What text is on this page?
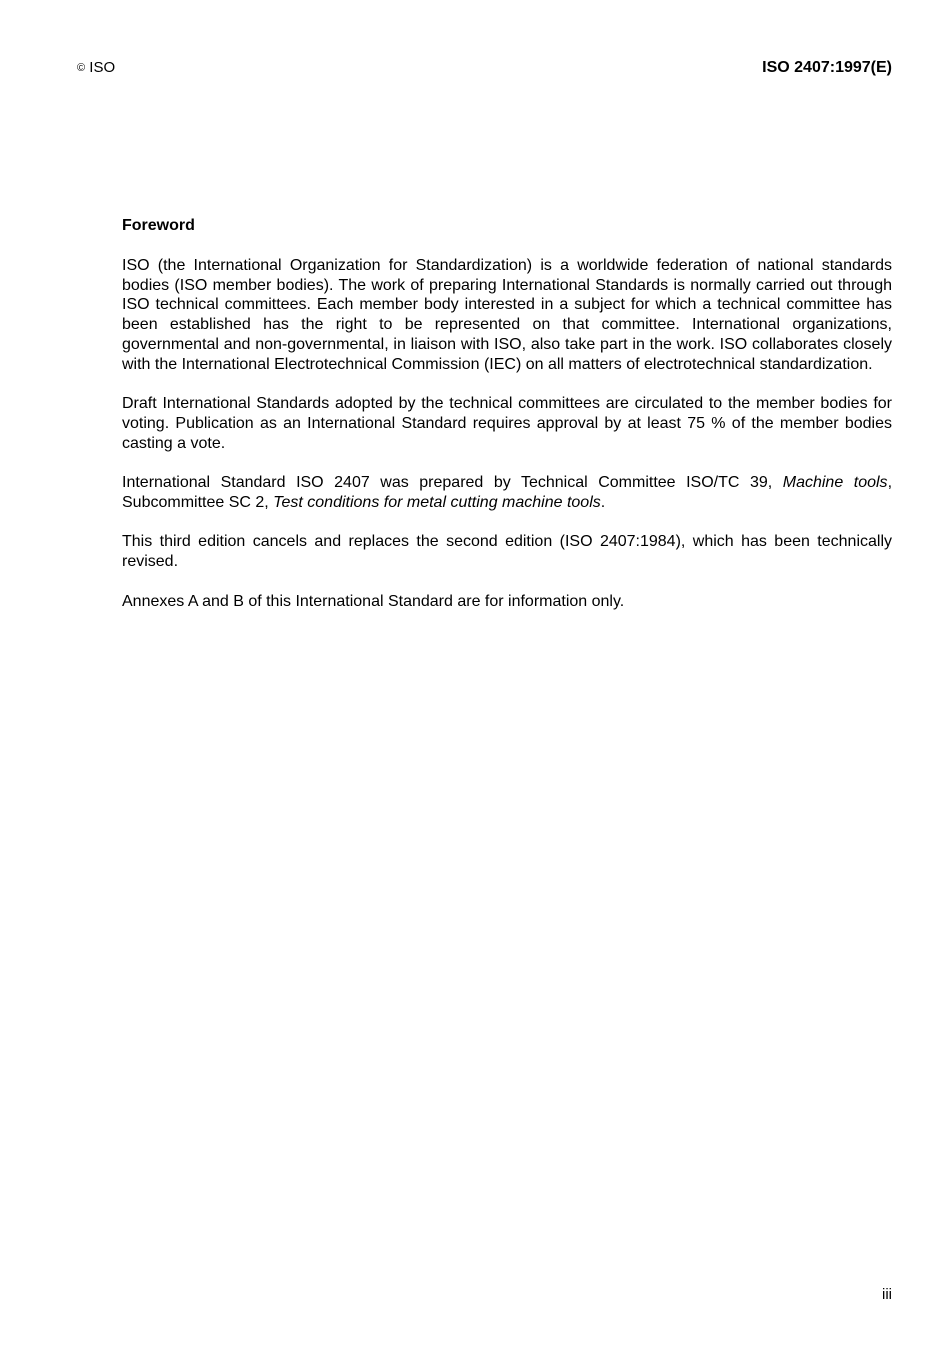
© ISO	ISO 2407:1997(E)
Foreword

ISO (the International Organization for Standardization) is a worldwide federation of national standards bodies (ISO member bodies). The work of preparing International Standards is normally carried out through ISO technical committees. Each member body interested in a subject for which a technical committee has been established has the right to be represented on that committee. International organizations, governmental and non-governmental, in liaison with ISO, also take part in the work. ISO collaborates closely with the International Electrotechnical Commission (IEC) on all matters of electrotechnical standardization.

Draft International Standards adopted by the technical committees are circulated to the member bodies for voting. Publication as an International Standard requires approval by at least 75 % of the member bodies casting a vote.

International Standard ISO 2407 was prepared by Technical Committee ISO/TC 39, Machine tools, Subcommittee SC 2, Test conditions for metal cutting machine tools.

This third edition cancels and replaces the second edition (ISO 2407:1984), which has been technically revised.

Annexes A and B of this International Standard are for information only.

iii
